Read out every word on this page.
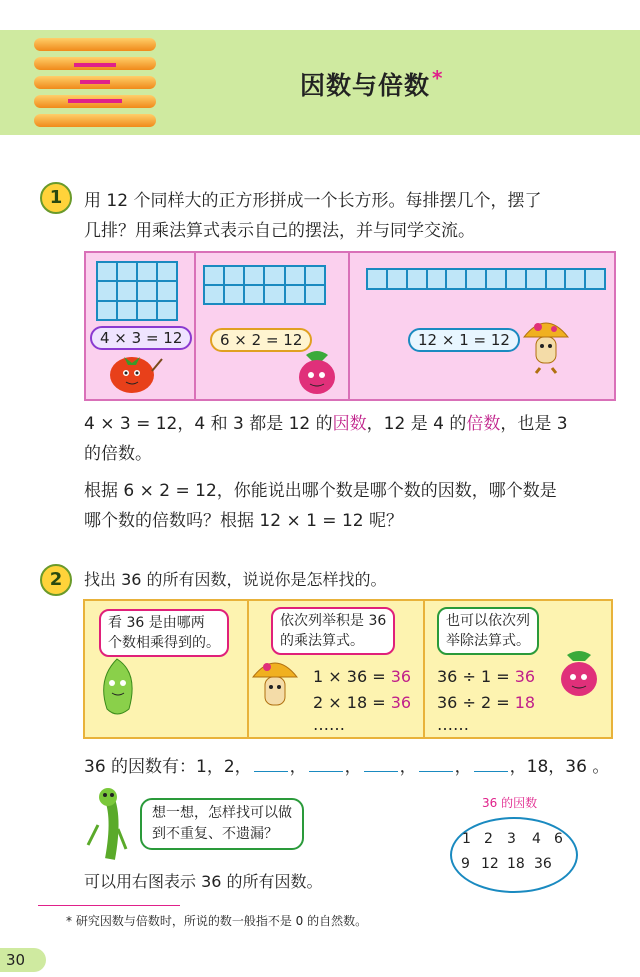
因数与倍数 *
1	用 12 个同样大的正方形拼成一个长方形。每排摆几个，摆了
几排？用乘法算式表示自己的摆法，并与同学交流。
4 × 3 = 12	6 × 2 = 12	12 × 1 = 12
4 × 3 = 12，4 和 3 都是 12 的因数，12 是 4 的倍数，也是 3
的倍数。
根据 6 × 2 = 12，你能说出哪个数是哪个数的因数，哪个数是
哪个数的倍数吗？根据 12 × 1 = 12 呢？
2	找出 36 的所有因数，说说你是怎样找的。
看 36 是由哪两
个数相乘得到的。
依次列举积是 36
的乘法算式。
也可以依次列
举除法算式。
1 × 36 = 36
2 × 18 = 36
……
36 ÷ 1 = 36
36 ÷ 2 = 18
……
36 的因数有：1，2， ， ， ， ， ，18，36 。
想一想，怎样找可以做
到不重复、不遗漏？
36 的因数
1 2 3 4 6
9 12 18 36
可以用右图表示 36 的所有因数。
* 研究因数与倍数时，所说的数一般指不是 0 的自然数。
30
